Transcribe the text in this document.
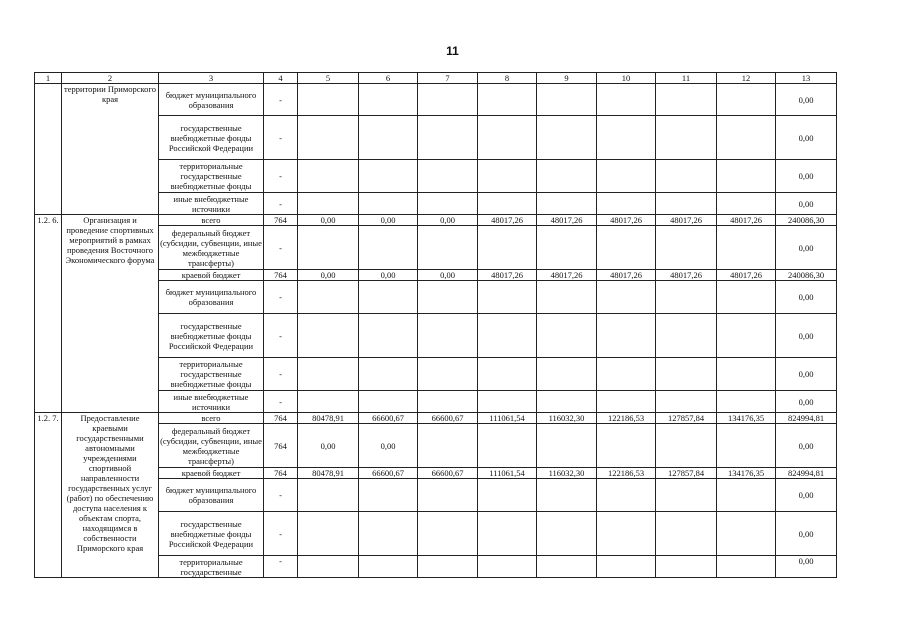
11
1	2	3	4	5	6	7	8	9	10	11	12	13
	территории Приморского края	бюджет муниципального образования	-									0,00
		государственные внебюджетные фонды Российской Федерации	-									0,00
		территориальные государственные внебюджетные фонды	-									0,00
		иные внебюджетные источники	-									0,00
1.2. 6.	Организация и проведение спортивных мероприятий в рамках проведения Восточного Экономического форума	всего	764	0,00	0,00	0,00	48017,26	48017,26	48017,26	48017,26	48017,26	240086,30
		федеральный бюджет (субсидии, субвенции, иные межбюджетные трансферты)	-									0,00
		краевой бюджет	764	0,00	0,00	0,00	48017,26	48017,26	48017,26	48017,26	48017,26	240086,30
		бюджет муниципального образования	-									0,00
		государственные внебюджетные фонды Российской Федерации	-									0,00
		территориальные государственные внебюджетные фонды	-									0,00
		иные внебюджетные источники	-									0,00
1.2. 7.	Предоставление краевыми государственными автономными учреждениями спортивной направленности государственных услуг (работ) по обеспечению доступа населения к объектам спорта, находящимся в собственности Приморского края	всего	764	80478,91	66600,67	66600,67	111061,54	116032,30	122186,53	127857,84	134176,35	824994,81
		федеральный бюджет (субсидии, субвенции, иные межбюджетные трансферты)	764	0,00	0,00							0,00
		краевой бюджет	764	80478,91	66600,67	66600,67	111061,54	116032,30	122186,53	127857,84	134176,35	824994,81
		бюджет муниципального образования	-									0,00
		государственные внебюджетные фонды Российской Федерации	-									0,00
		территориальные государственные	-									0,00
